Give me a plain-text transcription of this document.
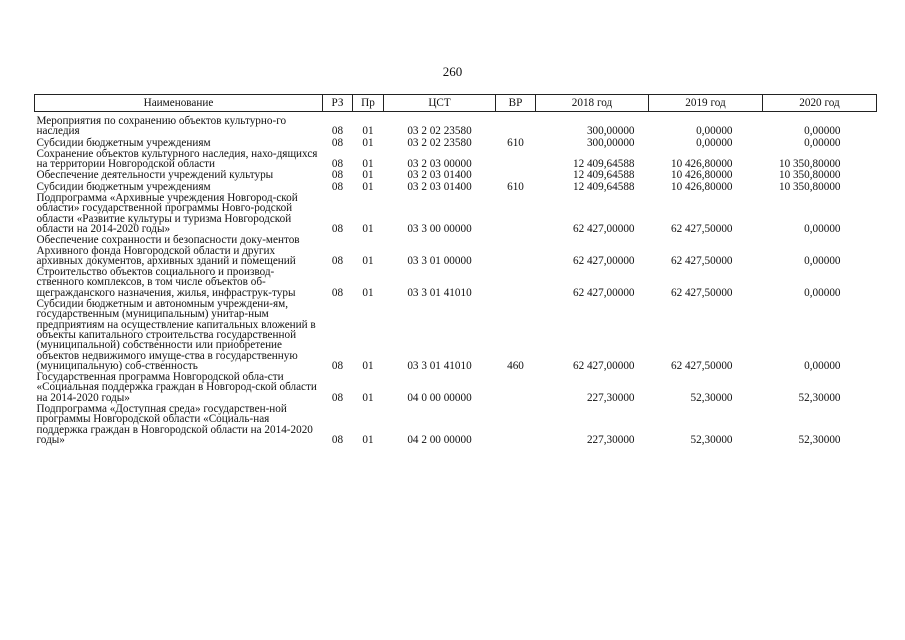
260
Наименование	РЗ	Пр	ЦСТ	ВР	2018 год	2019 год	2020 год
Мероприятия по сохранению объектов культурно-го наследия	08	01	03 2 02 23580		300,00000	0,00000	0,00000
Субсидии бюджетным учреждениям	08	01	03 2 02 23580	610	300,00000	0,00000	0,00000
Сохранение объектов культурного наследия, нахо-дящихся на территории Новгородской области	08	01	03 2 03 00000		12 409,64588	10 426,80000	10 350,80000
Обеспечение деятельности учреждений культуры	08	01	03 2 03 01400		12 409,64588	10 426,80000	10 350,80000
Субсидии бюджетным учреждениям	08	01	03 2 03 01400	610	12 409,64588	10 426,80000	10 350,80000
Подпрограмма «Архивные учреждения Новгород-ской области» государственной программы Новго-родской области «Развитие культуры и туризма Новгородской области на 2014-2020 годы»	08	01	03 3 00 00000		62 427,00000	62 427,50000	0,00000
Обеспечение сохранности и безопасности доку-ментов Архивного фонда Новгородской области и других архивных документов, архивных зданий и помещений	08	01	03 3 01 00000		62 427,00000	62 427,50000	0,00000
Строительство объектов социального и производ-ственного комплексов, в том числе объектов об-щегражданского назначения, жилья, инфраструк-туры	08	01	03 3 01 41010		62 427,00000	62 427,50000	0,00000
Субсидии бюджетным и автономным учреждени-ям, государственным (муниципальным) унитар-ным предприятиям на осуществление капитальных вложений в объекты капитального строительства государственной (муниципальной) собственности или приобретение объектов недвижимого имуще-ства в государственную (муниципальную) соб-ственность	08	01	03 3 01 41010	460	62 427,00000	62 427,50000	0,00000
Государственная программа Новгородской обла-сти «Социальная поддержка граждан в Новгород-ской области на 2014-2020 годы»	08	01	04 0 00 00000		227,30000	52,30000	52,30000
Подпрограмма «Доступная среда» государствен-ной программы Новгородской области «Социаль-ная поддержка граждан в Новгородской области на 2014-2020 годы»	08	01	04 2 00 00000		227,30000	52,30000	52,30000
